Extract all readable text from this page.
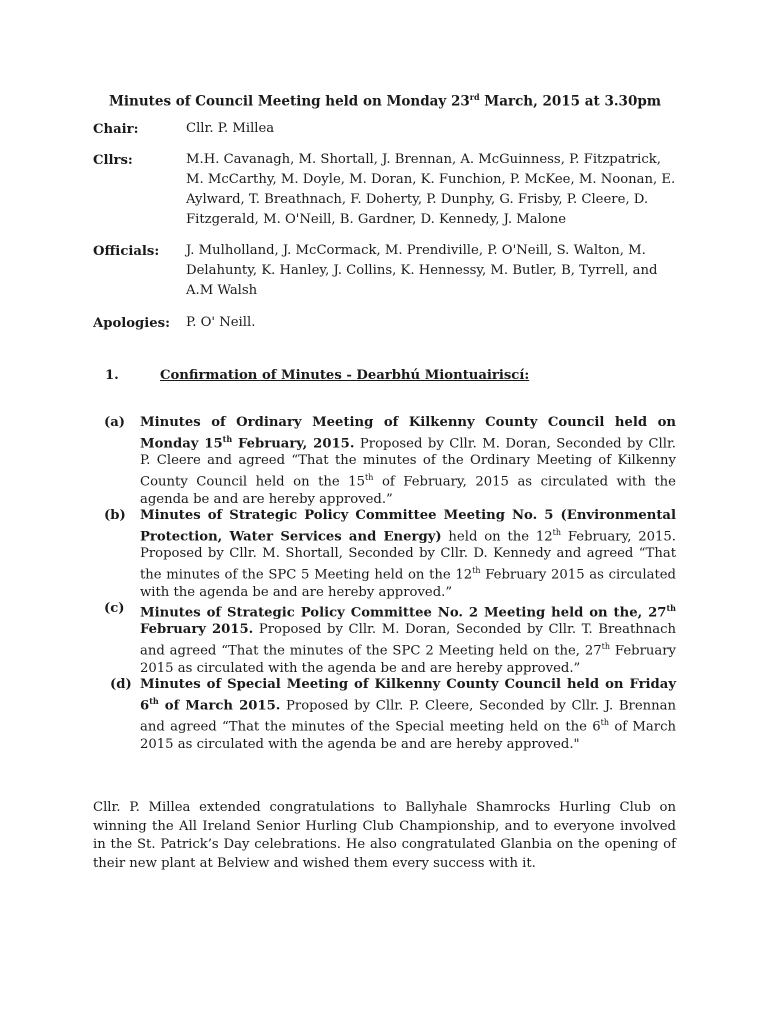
Minutes of Council Meeting held on Monday 23rd March, 2015 at 3.30pm
Chair:	Cllr. P. Millea
Cllrs:	M.H. Cavanagh, M. Shortall, J. Brennan, A. McGuinness, P. Fitzpatrick, M. McCarthy, M. Doyle, M. Doran, K. Funchion, P. McKee, M. Noonan, E. Aylward, T. Breathnach, F. Doherty, P. Dunphy, G. Frisby, P. Cleere, D. Fitzgerald, M. O'Neill, B. Gardner, D. Kennedy, J. Malone
Officials: J. Mulholland, J. McCormack, M. Prendiville, P. O'Neill, S. Walton, M. Delahunty, K. Hanley, J. Collins, K. Hennessy, M. Butler, B, Tyrrell, and A.M Walsh
Apologies: P. O' Neill.
1.	Confirmation of Minutes - Dearbhú Miontuairiscí:
(a) Minutes of Ordinary Meeting of Kilkenny County Council held on Monday 15th February, 2015. Proposed by Cllr. M. Doran, Seconded by Cllr. P. Cleere and agreed “That the minutes of the Ordinary Meeting of Kilkenny County Council held on the 15th of February, 2015 as circulated with the agenda be and are hereby approved.”
(b) Minutes of Strategic Policy Committee Meeting No. 5 (Environmental Protection, Water Services and Energy) held on the 12th February, 2015. Proposed by Cllr. M. Shortall, Seconded by Cllr. D. Kennedy and agreed “That the minutes of the SPC 5 Meeting held on the 12th February 2015 as circulated with the agenda be and are hereby approved.”
(c) Minutes of Strategic Policy Committee No. 2 Meeting held on the, 27th February 2015. Proposed by Cllr. M. Doran, Seconded by Cllr. T. Breathnach and agreed “That the minutes of the SPC 2 Meeting held on the, 27th February 2015 as circulated with the agenda be and are hereby approved.”
(d) Minutes of Special Meeting of Kilkenny County Council held on Friday 6th of March 2015. Proposed by Cllr. P. Cleere, Seconded by Cllr. J. Brennan and agreed “That the minutes of the Special meeting held on the 6th of March 2015 as circulated with the agenda be and are hereby approved."
Cllr. P. Millea extended congratulations to Ballyhale Shamrocks Hurling Club on winning the All Ireland Senior Hurling Club Championship, and to everyone involved in the St. Patrick’s Day celebrations. He also congratulated Glanbia on the opening of their new plant at Belview and wished them every success with it.
